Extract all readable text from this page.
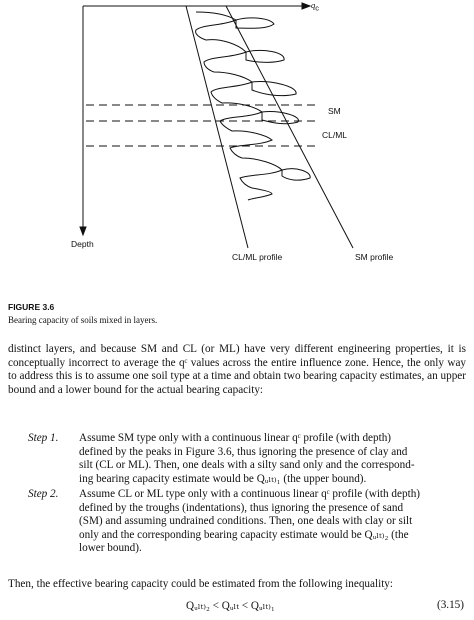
$q_c$
Depth
SM
CL/ML
CL/ML profile	SM profile
FIGURE 3.6
Bearing capacity of soils mixed in layers.
distinct layers, and because SM and CL (or ML) have very different engineering properties, it is conceptually incorrect to average the qᶜ values across the entire influence zone. Hence, the only way to address this is to assume one soil type at a time and obtain two bearing capacity estimates, an upper bound and a lower bound for the actual bearing capacity:
Step 1. Assume SM type only with a continuous linear qᶜ profile (with depth)
defined by the peaks in Figure 3.6, thus ignoring the presence of clay and
silt (CL or ML). Then, one deals with a silty sand only and the correspond-
ing bearing capacity estimate would be Qᵤₗₜ₎₁ (the upper bound).
Step 2. Assume CL or ML type only with a continuous linear qᶜ profile (with depth)
defined by the troughs (indentations), thus ignoring the presence of sand
(SM) and assuming undrained conditions. Then, one deals with clay or silt
only and the corresponding bearing capacity estimate would be Qᵤₗₜ₎₂ (the
lower bound).
Then, the effective bearing capacity could be estimated from the following inequality:
Qᵤₗₜ₎₂ < Qᵤₗₜ < Qᵤₗₜ₎₁	(3.15)
